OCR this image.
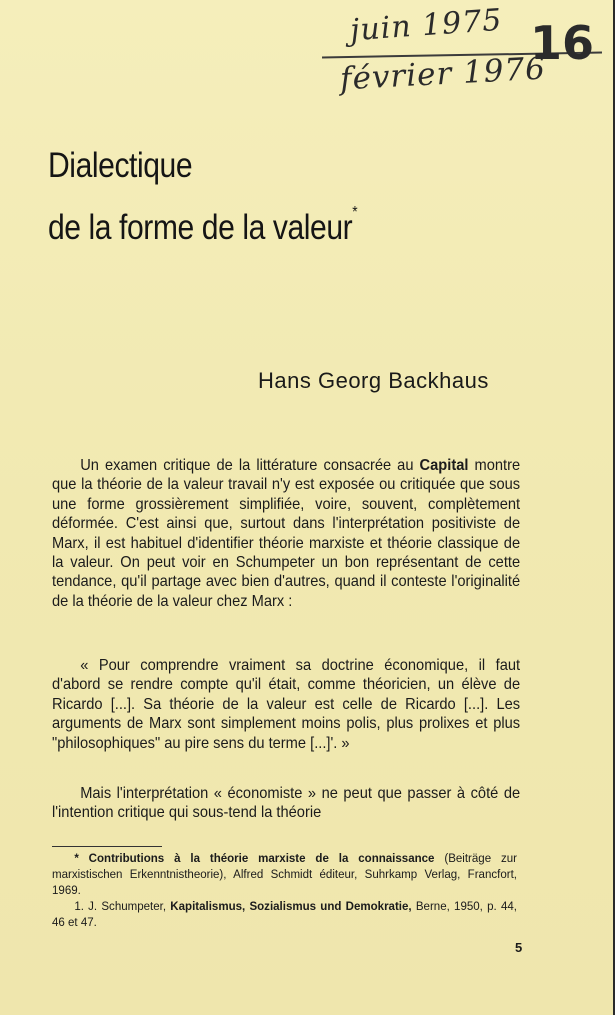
juin 1975
février 1976
16
Dialectique
de la forme de la valeur*
Hans Georg Backhaus

Un examen critique de la littérature consacrée au Capital montre que la théorie de la valeur travail n'y est exposée ou critiquée que sous une forme grossièrement simplifiée, voire, souvent, complètement déformée. C'est ainsi que, surtout dans l'interprétation positiviste de Marx, il est habituel d'identifier théorie marxiste et théorie classique de la valeur. On peut voir en Schumpeter un bon représentant de cette tendance, qu'il partage avec bien d'autres, quand il conteste l'originalité de la théorie de la valeur chez Marx :

« Pour comprendre vraiment sa doctrine économique, il faut d'abord se rendre compte qu'il était, comme théoricien, un élève de Ricardo [...]. Sa théorie de la valeur est celle de Ricardo [...]. Les arguments de Marx sont simplement moins polis, plus prolixes et plus "philosophiques" au pire sens du terme [...]'. »

Mais l'interprétation « économiste » ne peut que passer à côté de l'intention critique qui sous-tend la théorie

* Contributions à la théorie marxiste de la connaissance (Beiträge zur marxistischen Erkenntnistheorie), Alfred Schmidt éditeur, Suhrkamp Verlag, Francfort, 1969.

1. J. Schumpeter, Kapitalismus, Sozialismus und Demokratie, Berne, 1950, p. 44, 46 et 47.

5
